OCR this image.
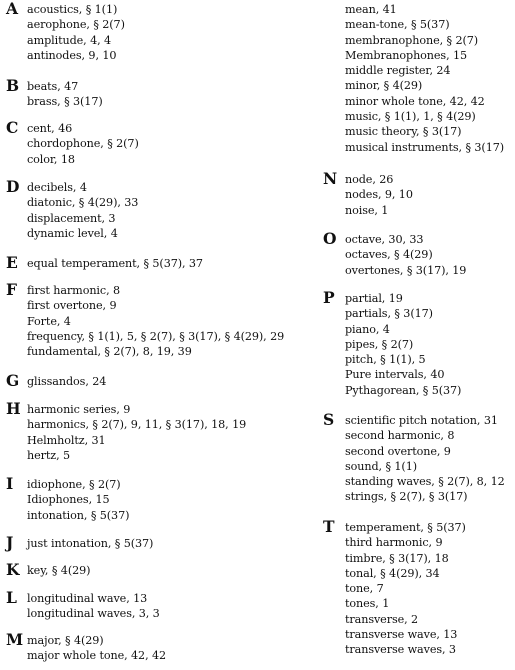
A acoustics, § 1(1)
aerophone, § 2(7)
amplitude, 4, 4
antinodes, 9, 10
B beats, 47
brass, § 3(17)
C cent, 46
chordophone, § 2(7)
color, 18
D decibels, 4
diatonic, § 4(29), 33
displacement, 3
dynamic level, 4
E equal temperament, § 5(37), 37
F first harmonic, 8
first overtone, 9
Forte, 4
frequency, § 1(1), 5, § 2(7), § 3(17), § 4(29), 29
fundamental, § 2(7), 8, 19, 39
G glissandos, 24
H harmonic series, 9
harmonics, § 2(7), 9, 11, § 3(17), 18, 19
Helmholtz, 31
hertz, 5
I idiophone, § 2(7)
Idiophones, 15
intonation, § 5(37)
J just intonation, § 5(37)
K key, § 4(29)
L longitudinal wave, 13
longitudinal waves, 3, 3
M major, § 4(29)
major whole tone, 42, 42
mean, 41
mean-tone, § 5(37)
membranophone, § 2(7)
Membranophones, 15
middle register, 24
minor, § 4(29)
minor whole tone, 42, 42
music, § 1(1), 1, § 4(29)
music theory, § 3(17)
musical instruments, § 3(17)
N node, 26
nodes, 9, 10
noise, 1
O octave, 30, 33
octaves, § 4(29)
overtones, § 3(17), 19
P partial, 19
partials, § 3(17)
piano, 4
pipes, § 2(7)
pitch, § 1(1), 5
Pure intervals, 40
Pythagorean, § 5(37)
S scientific pitch notation, 31
second harmonic, 8
second overtone, 9
sound, § 1(1)
standing waves, § 2(7), 8, 12
strings, § 2(7), § 3(17)
T temperament, § 5(37)
third harmonic, 9
timbre, § 3(17), 18
tonal, § 4(29), 34
tone, 7
tones, 1
transverse, 2
transverse wave, 13
transverse waves, 3
